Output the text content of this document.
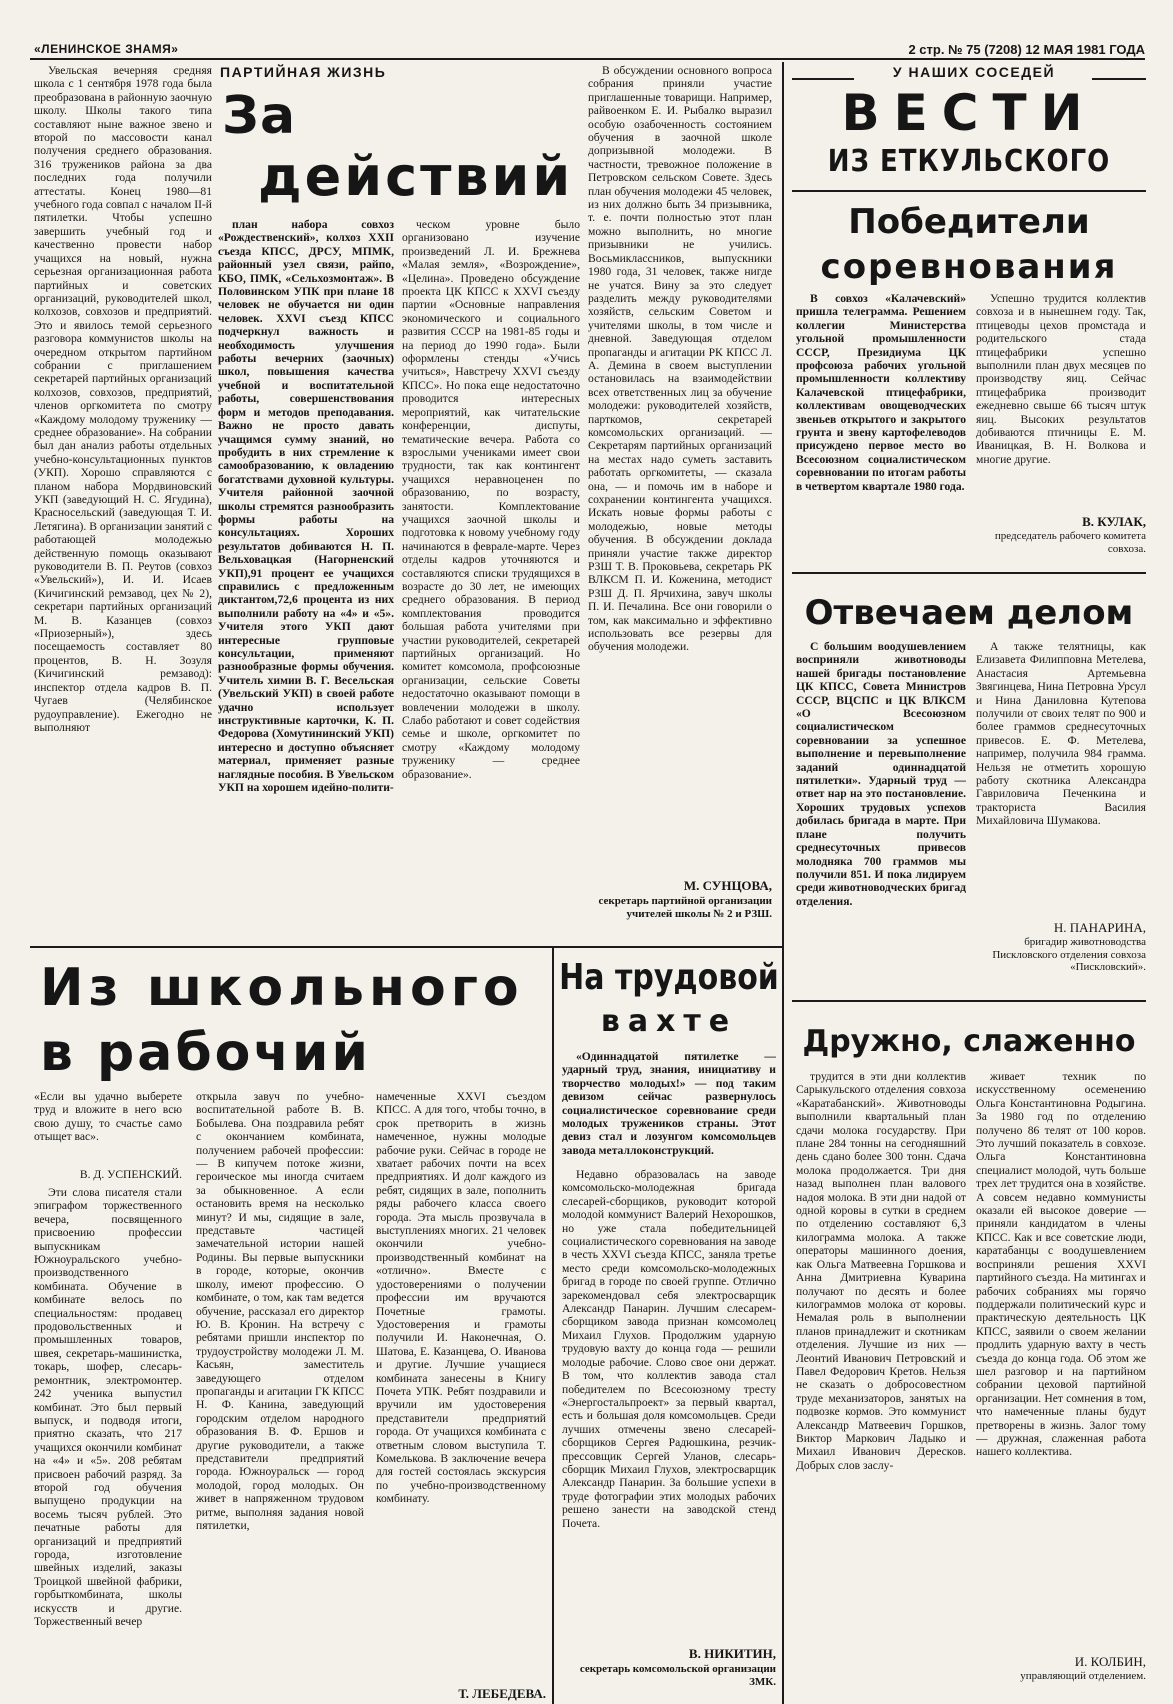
«ЛЕНИНСКОЕ ЗНАМЯ»	2 стр. № 75 (7208) 12 МАЯ 1981 ГОДА
ПАРТИЙНАЯ ЖИЗНЬ
За
действий

Увельская вечерняя средняя школа с 1 сентября 1978 года была преобразована в районную заочную школу. Школы такого типа составляют ныне важное звено и второй по массовости канал получения среднего образования. 316 тружеников района за два последних года получили аттестаты. Конец 1980—81 учебного года совпал с началом II-й пятилетки. Чтобы успешно завершить учебный год и качественно провести набор учащихся на новый, нужна серьезная организационная работа партийных и советских организаций, руководителей школ, колхозов, совхозов и предприятий. Это и явилось темой серьезного разговора коммунистов школы на очередном открытом партийном собрании с приглашением секретарей партийных организаций колхозов, совхозов, предприятий, членов оргкомитета по смотру «Каждому молодому труженику — среднее образование». На собрании был дан анализ работы отдельных учебно-консультационных пунктов (УКП). Хорошо справляются с планом набора Мордвиновский УКП (заведующий Н. С. Ягудина), Красносельский (заведующая Т. И. Летягина). В организации занятий с работающей молодежью действенную помощь оказывают руководители В. П. Реутов (совхоз «Увельский»), И. И. Исаев (Кичигинский ремзавод, цех № 2), секретари партийных организаций М. В. Казанцев (совхоз «Приозерный»), здесь посещаемость составляет 80 процентов, В. Н. Зозуля (Кичигинский ремзавод): инспектор отдела кадров В. П. Чугаев (Челябинское рудоуправление). Ежегодно не выполняют

план набора совхоз «Рождественский», колхоз XXII съезда КПСС, ДРСУ, МПМК, районный узел связи, райпо, КБО, ПМК, «Сельхозмонтаж». В Половинском УПК при плане 18 человек не обучается ни один человек. XXVI съезд КПСС подчеркнул важность и необходимость улучшения работы вечерних (заочных) школ, повышения качества учебной и воспитательной работы, совершенствования форм и методов преподавания. Важно не просто давать учащимся сумму знаний, но пробудить в них стремление к самообразованию, к овладению богатствами духовной культуры. Учителя районной заочной школы стремятся разнообразить формы работы на консультациях. Хороших результатов добиваются Н. П. Вельховацкая (Нагорненский УКП),91 процент ее учащихся справились с предложенным диктантом,72,6 процента из них выполнили работу на «4» и «5». Учителя этого УКП дают интересные групповые консультации, применяют разнообразные формы обучения. Учитель химии В. Г. Весельская (Увельский УКП) в своей работе удачно использует инструктивные карточки, К. П. Федорова (Хомутининский УКП) интересно и доступно объясняет материал, применяет разные наглядные пособия. В Увельском УКП на хорошем идейно-полити-

ческом уровне было организовано изучение произведений Л. И. Брежнева «Малая земля», «Возрождение», «Целина». Проведено обсуждение проекта ЦК КПСС к XXVI съезду партии «Основные направления экономического и социального развития СССР на 1981-85 годы и на период до 1990 года». Были оформлены стенды «Учись учиться», Навстречу XXVI съезду КПСС». Но пока еще недостаточно проводится интересных мероприятий, как читательские конференции, диспуты, тематические вечера. Работа со взрослыми учениками имеет свои трудности, так как контингент учащихся неравноценен по образованию, по возрасту, занятости. Комплектование учащихся заочной школы и подготовка к новому учебному году начинаются в феврале-марте. Через отделы кадров уточняются и составляются списки трудящихся в возрасте до 30 лет, не имеющих среднего образования. В период комплектования проводится большая работа учителями при участии руководителей, секретарей партийных организаций. Но комитет комсомола, профсоюзные организации, сельские Советы недостаточно оказывают помощи в вовлечении молодежи в школу. Слабо работают и совет содействия семье и школе, оргкомитет по смотру «Каждому молодому труженику — среднее образование».

В обсуждении основного вопроса собрания приняли участие приглашенные товарищи. Например, райвоенком Е. И. Рыбалко выразил особую озабоченность состоянием обучения в заочной школе допризывной молодежи. В частности, тревожное положение в Петровском сельском Совете. Здесь план обучения молодежи 45 человек, из них должно быть 34 призывника, т. е. почти полностью этот план можно выполнить, но многие призывники не учились. Восьмиклассников, выпускники 1980 года, 31 человек, также нигде не учатся. Вину за это следует разделить между руководителями хозяйств, сельским Советом и учителями школы, в том числе и дневной. Заведующая отделом пропаганды и агитации РК КПСС Л. А. Демина в своем выступлении остановилась на взаимодействии всех ответственных лиц за обучение молодежи: руководителей хозяйств, парткомов, секретарей комсомольских организаций. — Секретарям партийных организаций на местах надо суметь заставить работать оргкомитеты, — сказала она, — и помочь им в наборе и сохранении контингента учащихся. Искать новые формы работы с молодежью, новые методы обучения. В обсуждении доклада приняли участие также директор РЗШ Т. В. Проковьева, секретарь РК ВЛКСМ П. И. Коженина, методист РЗШ Д. П. Ярчихина, завуч школы П. И. Печалина. Все они говорили о том, как максимально и эффективно использовать все резервы для обучения молодежи.

М. СУНЦОВА,
секретарь партийной организации учителей школы № 2 и РЗШ.
У НАШИХ СОСЕДЕЙ
ВЕСТИ
ИЗ ЕТКУЛЬСКОГО
Победители
соревнования

В совхоз «Калачевский» пришла телеграмма. Решением коллегии Министерства угольной промышленности СССР, Президиума ЦК профсоюза рабочих угольной промышленности коллективу Калачевской птицефабрики, коллективам овощеводческих звеньев открытого и закрытого грунта и звену картофелеводов присуждено первое место во Всесоюзном социалистическом соревновании по итогам работы в четвертом квартале 1980 года.

Успешно трудится коллектив совхоза и в нынешнем году. Так, птицеводы цехов промстада и родительского стада птицефабрики успешно выполнили план двух месяцев по производству яиц. Сейчас птицефабрика производит ежедневно свыше 66 тысяч штук яиц. Высоких результатов добиваются птичницы Е. М. Иваницкая, В. Н. Волкова и многие другие.

В. КУЛАК,
председатель рабочего комитета совхоза.
Отвечаем делом

С большим воодушевлением восприняли животноводы нашей бригады постановление ЦК КПСС, Совета Министров СССР, ВЦСПС и ЦК ВЛКСМ «О Всесоюзном социалистическом соревновании за успешное выполнение и перевыполнение заданий одиннадцатой пятилетки». Ударный труд — ответ нар на это постановление. Хороших трудовых успехов добилась бригада в марте. При плане получить среднесуточных привесов молодняка 700 граммов мы получили 851. И пока лидируем среди животноводческих бригад отделения.

А также телятницы, как Елизавета Филипповна Метелева, Анастасия Артемьевна Звягинцева, Нина Петровна Урсул и Нина Даниловна Кутепова получили от своих телят по 900 и более граммов среднесуточных привесов. Е. Ф. Метелева, например, получила 984 грамма. Нельзя не отметить хорошую работу скотника Александра Гавриловича Печенкина и тракториста Василия Михайловича Шумакова.

Н. ПАНАРИНА,
бригадир животноводства Пискловского отделения совхоза «Пискловский».
Дружно, слаженно

трудится в эти дни коллектив Сарыкульского отделения совхоза «Каратабанский». Животноводы выполнили квартальный план сдачи молока государству. При плане 284 тонны на сегодняшний день сдано более 300 тонн. Сдача молока продолжается. Три дня назад выполнен план валового надоя молока. В эти дни надой от одной коровы в сутки в среднем по отделению составляют 6,3 килограмма молока. А также операторы машинного доения, как Ольга Матвеевна Горшкова и Анна Дмитриевна Куварина получают по десять и более килограммов молока от коровы. Немалая роль в выполнении планов принадлежит и скотникам отделения. Лучшие из них — Леонтий Иванович Петровский и Павел Федорович Кретов. Нельзя не сказать о добросовестном труде механизаторов, занятых на подвозке кормов. Это коммунист Александр Матвеевич Горшков, Виктор Маркович Ладыко и Михаил Иванович Дересков. Добрых слов заслу-

живает техник по искусственному осеменению Ольга Константиновна Родыгина. За 1980 год по отделению получено 86 телят от 100 коров. Это лучший показатель в совхозе. Ольга Константиновна специалист молодой, чуть больше трех лет трудится она в хозяйстве. А совсем недавно коммунисты оказали ей высокое доверие — приняли кандидатом в члены КПСС. Как и все советские люди, каратабанцы с воодушевлением восприняли решения XXVI партийного съезда. На митингах и рабочих собраниях мы горячо поддержали политический курс и практическую деятельность ЦК КПСС, заявили о своем желании продлить ударную вахту в честь съезда до конца года. Об этом же шел разговор и на партийном собрании цеховой партийной организации. Нет сомнения в том, что намеченные планы будут претворены в жизнь. Залог тому — дружная, слаженная работа нашего коллектива.

И. КОЛБИН,
управляющий отделением.
Из школьного
в рабочий

«Если вы удачно выберете труд и вложите в него всю свою душу, то счастье само отыщет вас».

В. Д. УСПЕНСКИЙ.

Эти слова писателя стали эпиграфом торжественного вечера, посвященного присвоению профессии выпускникам Южноуральского учебно-производственного комбината. Обучение в комбинате велось по специальностям: продавец продовольственных и промышленных товаров, швея, секретарь-машинистка, токарь, шофер, слесарь-ремонтник, электромонтер. 242 ученика выпустил комбинат. Это был первый выпуск, и подводя итоги, приятно сказать, что 217 учащихся окончили комбинат на «4» и «5». 208 ребятам присвоен рабочий разряд. За второй год обучения выпущено продукции на восемь тысяч рублей. Это печатные работы для организаций и предприятий города, изготовление швейных изделий, заказы Троицкой швейной фабрики, горбыткомбината, школы искусств и другие. Торжественный вечер

открыла завуч по учебно-воспитательной работе В. В. Бобылева. Она поздравила ребят с окончанием комбината, получением рабочей профессии: — В кипучем потоке жизни, героическое мы иногда считаем за обыкновенное. А если остановить время на несколько минут? И мы, сидящие в зале, представьте частицей замечательной истории нашей Родины. Вы первые выпускники в городе, которые, окончив школу, имеют профессию. О комбинате, о том, как там ведется обучение, рассказал его директор Ю. В. Кронин. На встречу с ребятами пришли инспектор по трудоустройству молодежи Л. М. Касьян, заместитель заведующего отделом пропаганды и агитации ГК КПСС Н. Ф. Канина, заведующий городским отделом народного образования В. Ф. Ершов и другие руководители, а также представители предприятий города. Южноуральск — город молодой, город молодых. Он живет в напряженном трудовом ритме, выполняя задания новой пятилетки,

намеченные XXVI съездом КПСС. А для того, чтобы точно, в срок претворить в жизнь намеченное, нужны молодые рабочие руки. Сейчас в городе не хватает рабочих почти на всех предприятиях. И долг каждого из ребят, сидящих в зале, пополнить ряды рабочего класса своего города. Эта мысль прозвучала в выступлениях многих. 21 человек окончили учебно-производственный комбинат на «отлично». Вместе с удостоверениями о получении профессии им вручаются Почетные грамоты. Удостоверения и грамоты получили И. Наконечная, О. Шатова, Е. Казанцева, О. Иванова и другие. Лучшие учащиеся комбината занесены в Книгу Почета УПК. Ребят поздравили и вручили им удостоверения представители предприятий города. От учащихся комбината с ответным словом выступила Т. Комелькова. В заключение вечера для гостей состоялась экскурсия по учебно-производственному комбинату.

Т. ЛЕБЕДЕВА.
На трудовой
вахте

«Одиннадцатой пятилетке — ударный труд, знания, инициативу и творчество молодых!» — под таким девизом сейчас развернулось социалистическое соревнование среди молодых тружеников страны. Этот девиз стал и лозунгом комсомольцев завода металлоконструкций.

Недавно образовалась на заводе комсомольско-молодежная бригада слесарей-сборщиков, руководит которой молодой коммунист Валерий Нехорошков, но уже стала победительницей социалистического соревнования на заводе в честь XXVI съезда КПСС, заняла третье место среди комсомольско-молодежных бригад в городе по своей группе. Отлично зарекомендовал себя электросварщик Александр Панарин. Лучшим слесарем-сборщиком завода признан комсомолец Михаил Глухов. Продолжим ударную трудовую вахту до конца года — решили молодые рабочие. Слово свое они держат. В том, что коллектив завода стал победителем по Всесоюзному тресту «Энергостальпроект» за первый квартал, есть и большая доля комсомольцев. Среди лучших отмечены звено слесарей-сборщиков Сергея Радюшкина, резчик-прессовщик Сергей Уланов, слесарь-сборщик Михаил Глухов, электросварщик Александр Панарин. За большие успехи в труде фотографии этих молодых рабочих решено занести на заводской стенд Почета.

В. НИКИТИН,
секретарь комсомольской организации ЗМК.
